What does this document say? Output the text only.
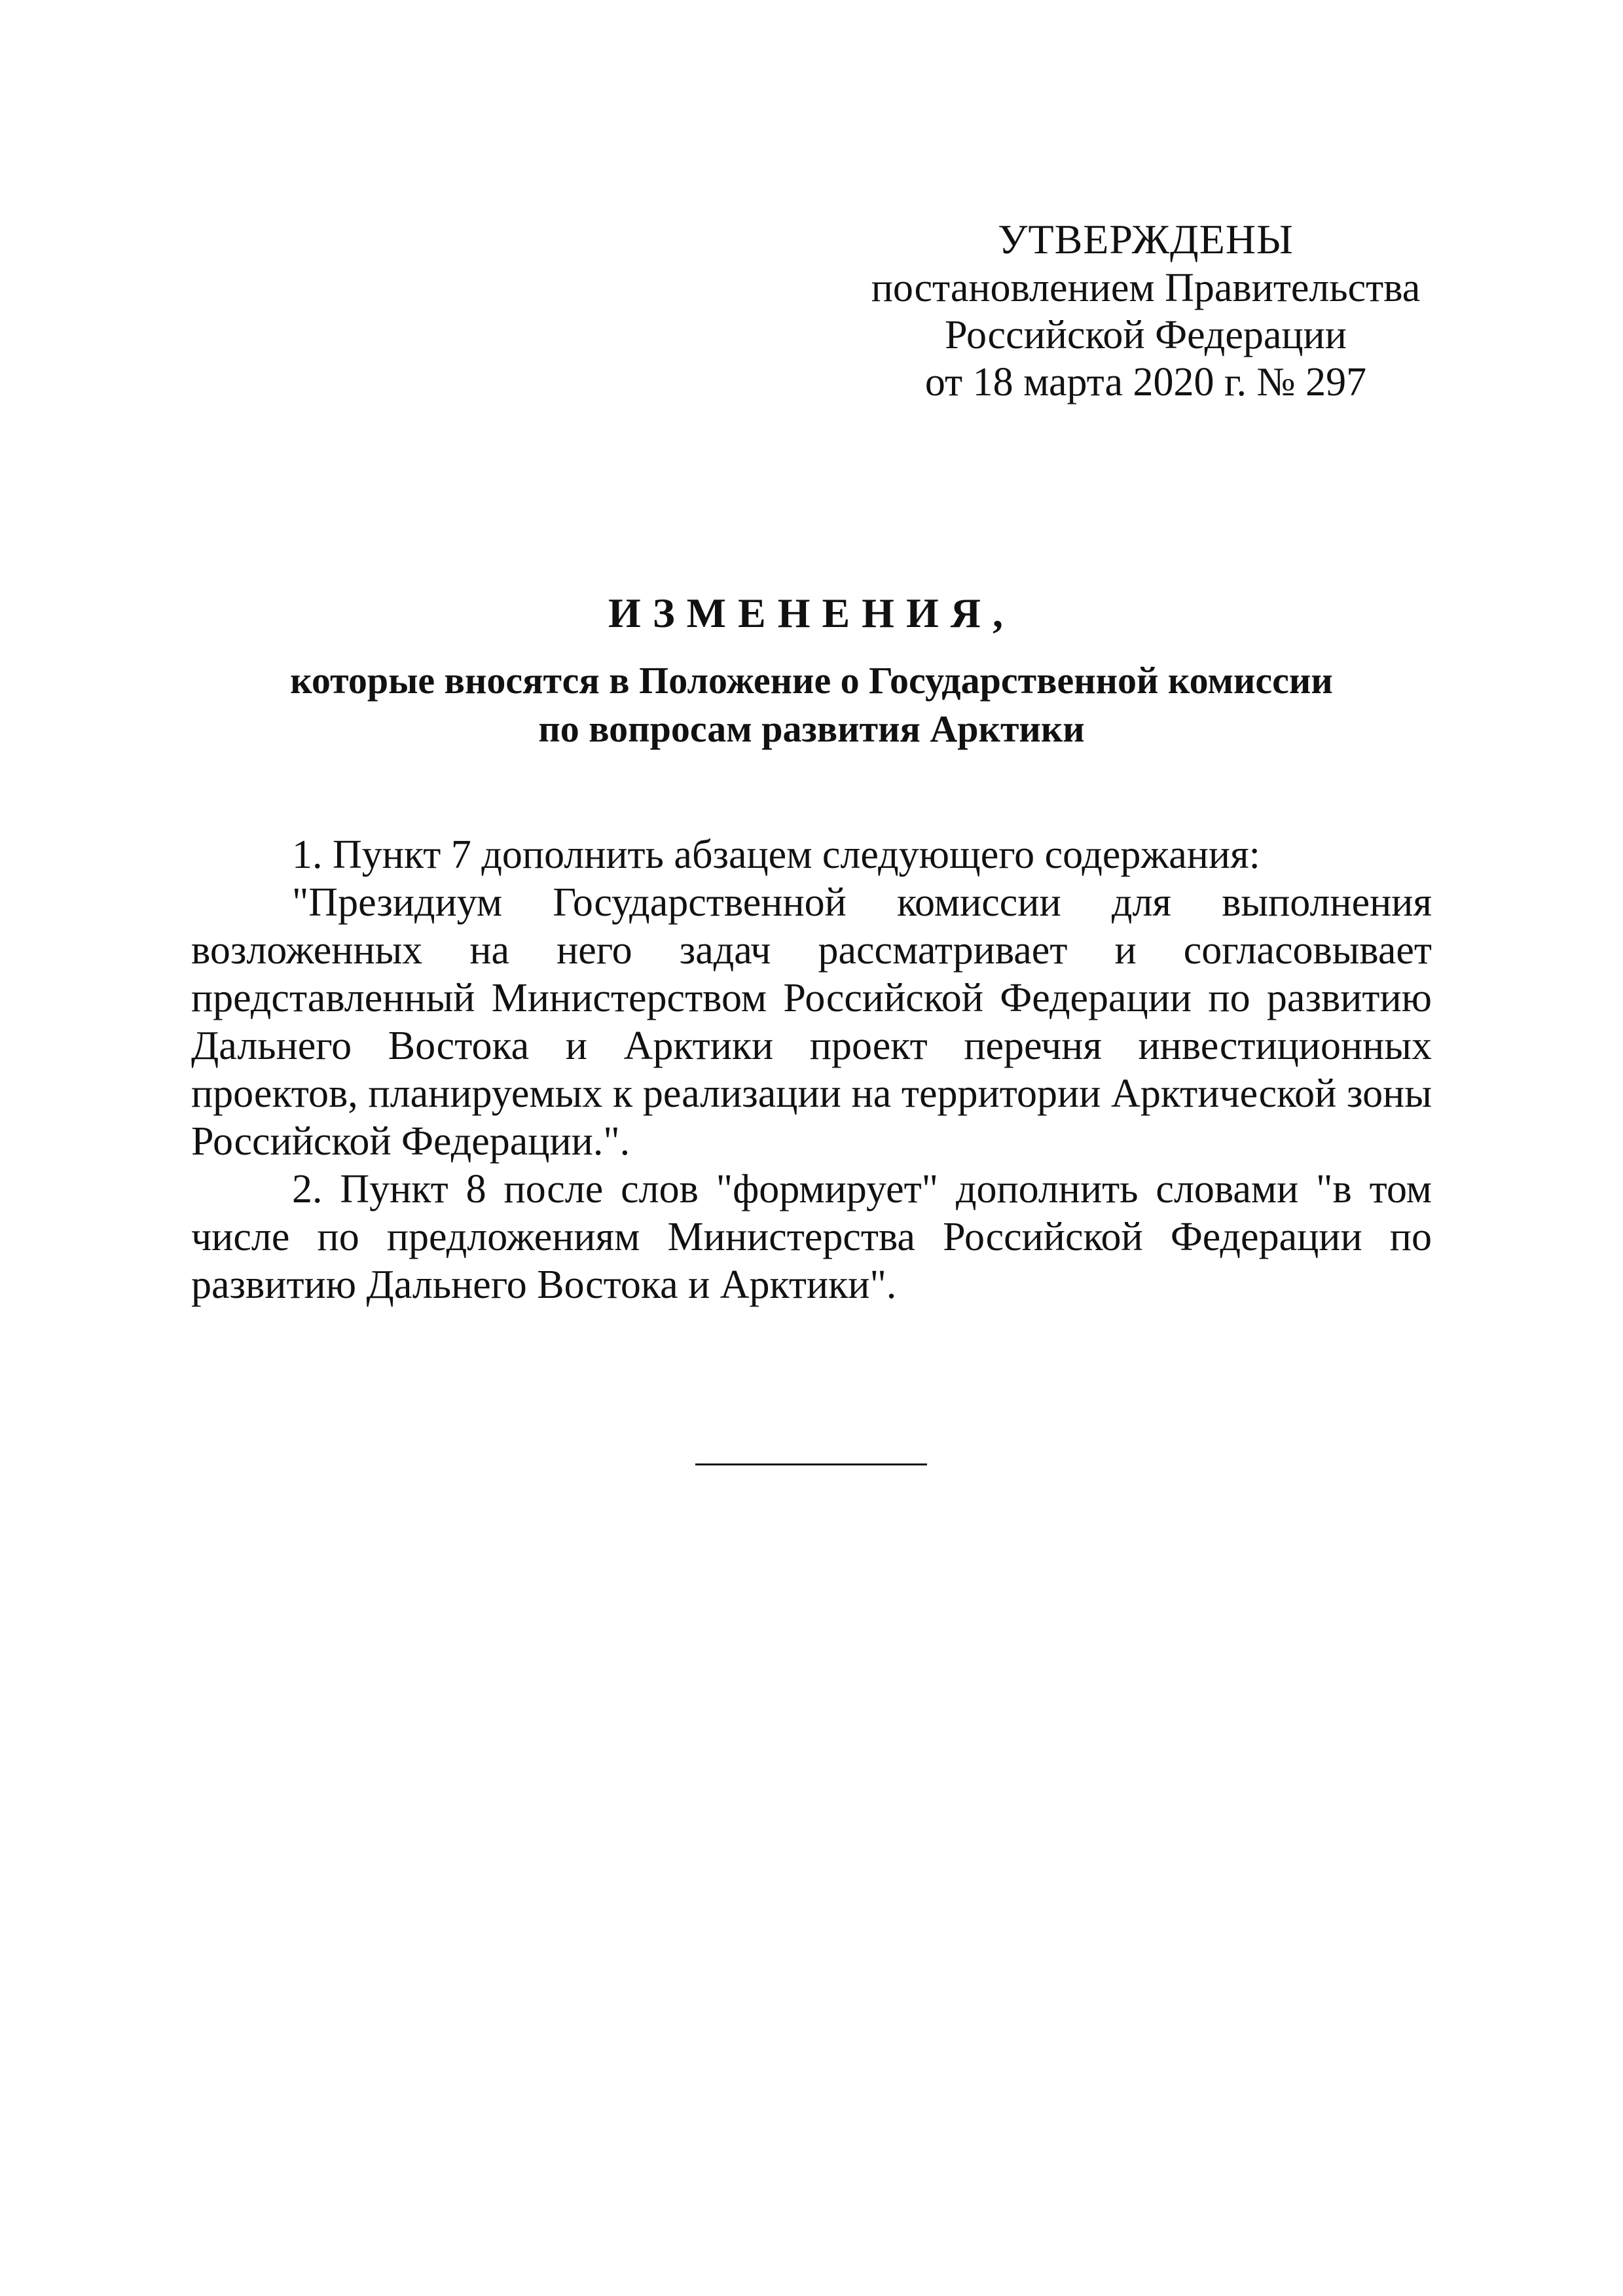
УТВЕРЖДЕНЫ
постановлением Правительства
Российской Федерации
от 18 марта 2020 г. № 297
ИЗМЕНЕНИЯ,
которые вносятся в Положение о Государственной комиссии
по вопросам развития Арктики

1. Пункт 7 дополнить абзацем следующего содержания:

"Президиум Государственной комиссии для выполнения возложенных на него задач рассматривает и согласовывает представленный Министерством Российской Федерации по развитию Дальнего Востока и Арктики проект перечня инвестиционных проектов, планируемых к реализации на территории Арктической зоны Российской Федерации.".

2. Пункт 8 после слов "формирует" дополнить словами "в том числе по предложениям Министерства Российской Федерации по развитию Дальнего Востока и Арктики".
